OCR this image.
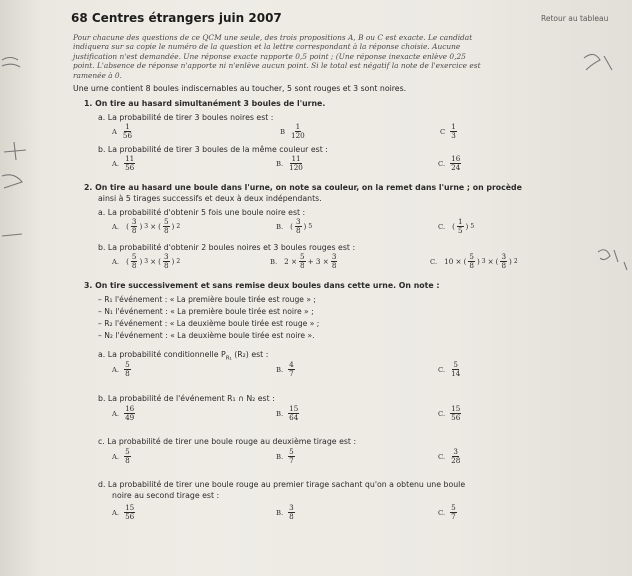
68 Centres étrangers juin 2007	Retour au tableau
Pour chacune des questions de ce QCM une seule, des trois propositions A, B ou C est exacte. Le candidat
indiquera sur sa copie le numéro de la question et la lettre correspondant à la réponse choisie. Aucune
justification n'est demandée. Une réponse exacte rapporte 0,5 point ; (Une réponse inexacte enlève 0,25
point. L'absence de réponse n'apporte ni n'enlève aucun point. Si le total est négatif la note de l'exercice est
ramenée à 0.
Une urne contient 8 boules indiscernables au toucher, 5 sont rouges et 3 sont noires.
1. On tire au hasard simultanément 3 boules de l'urne.
a. La probabilité de tirer 3 boules noires est :
A $\frac{1}{56}$	B $\frac{1}{120}$	C $\frac{1}{3}$
b. La probabilité de tirer 3 boules de la même couleur est :
A. $\frac{11}{56}$	B. $\frac{11}{120}$	C. $\frac{16}{24}$
2. On tire au hasard une boule dans l'urne, on note sa couleur, on la remet dans l'urne ; on procède
ainsi à 5 tirages successifs et deux à deux indépendants.
a. La probabilité d'obtenir 5 fois une boule noire est :
A. ( $\frac{3}{8}$ ) 3 × ( $\frac{5}{8}$ ) 2	B. ( $\frac{3}{8}$ ) 5	C. ( $\frac{1}{5}$ ) 5
b. La probabilité d'obtenir 2 boules noires et 3 boules rouges est :
A. ( $\frac{5}{8}$ ) 3 × ( $\frac{3}{8}$ ) 2	B. $2 \times \frac{5}{8} + 3 \times \frac{3}{8}$	C. 10 × ( $\frac{5}{8}$ ) 3 × ( $\frac{3}{8}$ ) 2
3. On tire successivement et sans remise deux boules dans cette urne. On note :
– R₁ l'événement : « La première boule tirée est rouge » ;
– N₁ l'événement : « La première boule tirée est noire » ;
– R₂ l'événement : « La deuxième boule tirée est rouge » ;
– N₂ l'événement : « La deuxième boule tirée est noire ».
a. La probabilité conditionnelle $P_{R_1}$ (R₂) est :
A. $\frac{5}{8}$	B. $\frac{4}{7}$	C. $\frac{5}{14}$
b. La probabilité de l'événement R₁ ∩ N₂ est :
A. $\frac{16}{49}$	B. $\frac{15}{64}$	C. $\frac{15}{56}$
c. La probabilité de tirer une boule rouge au deuxième tirage est :
A. $\frac{5}{8}$	B. $\frac{5}{7}$	C. $\frac{3}{28}$
d. La probabilité de tirer une boule rouge au premier tirage sachant qu'on a obtenu une boule
noire au second tirage est :
A. $\frac{15}{56}$	B. $\frac{3}{8}$	C. $\frac{5}{7}$
